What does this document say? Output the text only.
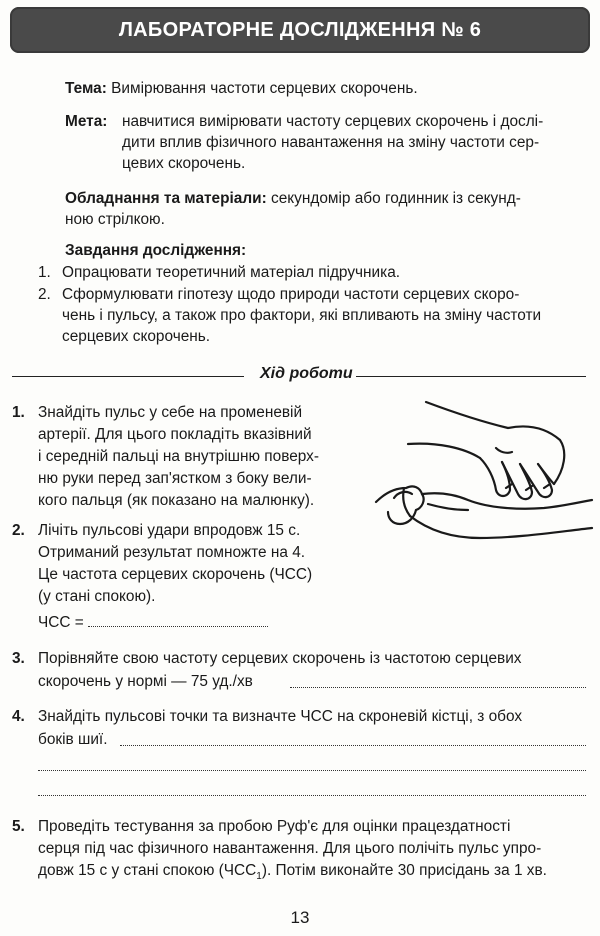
ЛАБОРАТОРНЕ ДОСЛІДЖЕННЯ № 6
Тема: Вимірювання частоти серцевих скорочень.
Мета: навчитися вимірювати частоту серцевих скорочень і дослі-
дити вплив фізичного навантаження на зміну частоти сер-
цевих скорочень.
Обладнання та матеріали: секундомір або годинник із секунд-
ною стрілкою.
Завдання дослідження:
1. Опрацювати теоретичний матеріал підручника.
2. Сформулювати гіпотезу щодо природи частоти серцевих скоро-
чень і пульсу, а також про фактори, які впливають на зміну частоти
серцевих скорочень.
Хід роботи
1. Знайдіть пульс у себе на променевій
артерії. Для цього покладіть вказівний
і середній пальці на внутрішню поверх-
ню руки перед зап'ястком з боку вели-
кого пальця (як показано на малюнку).
2. Лічіть пульсові удари впродовж 15 с.
Отриманий результат помножте на 4.
Це частота серцевих скорочень (ЧСС)
(у стані спокою).
ЧСС =
3. Порівняйте свою частоту серцевих скорочень із частотою серцевих
скорочень у нормі — 75 уд./хв
4. Знайдіть пульсові точки та визначте ЧСС на скроневій кістці, з обох
боків шиї.
5. Проведіть тестування за пробою Руф'є для оцінки працездатності
серця під час фізичного навантаження. Для цього полічіть пульс упро-
довж 15 с у стані спокою $(ЧСС_1)$. Потім виконайте 30 присідань за 1 хв.
13
